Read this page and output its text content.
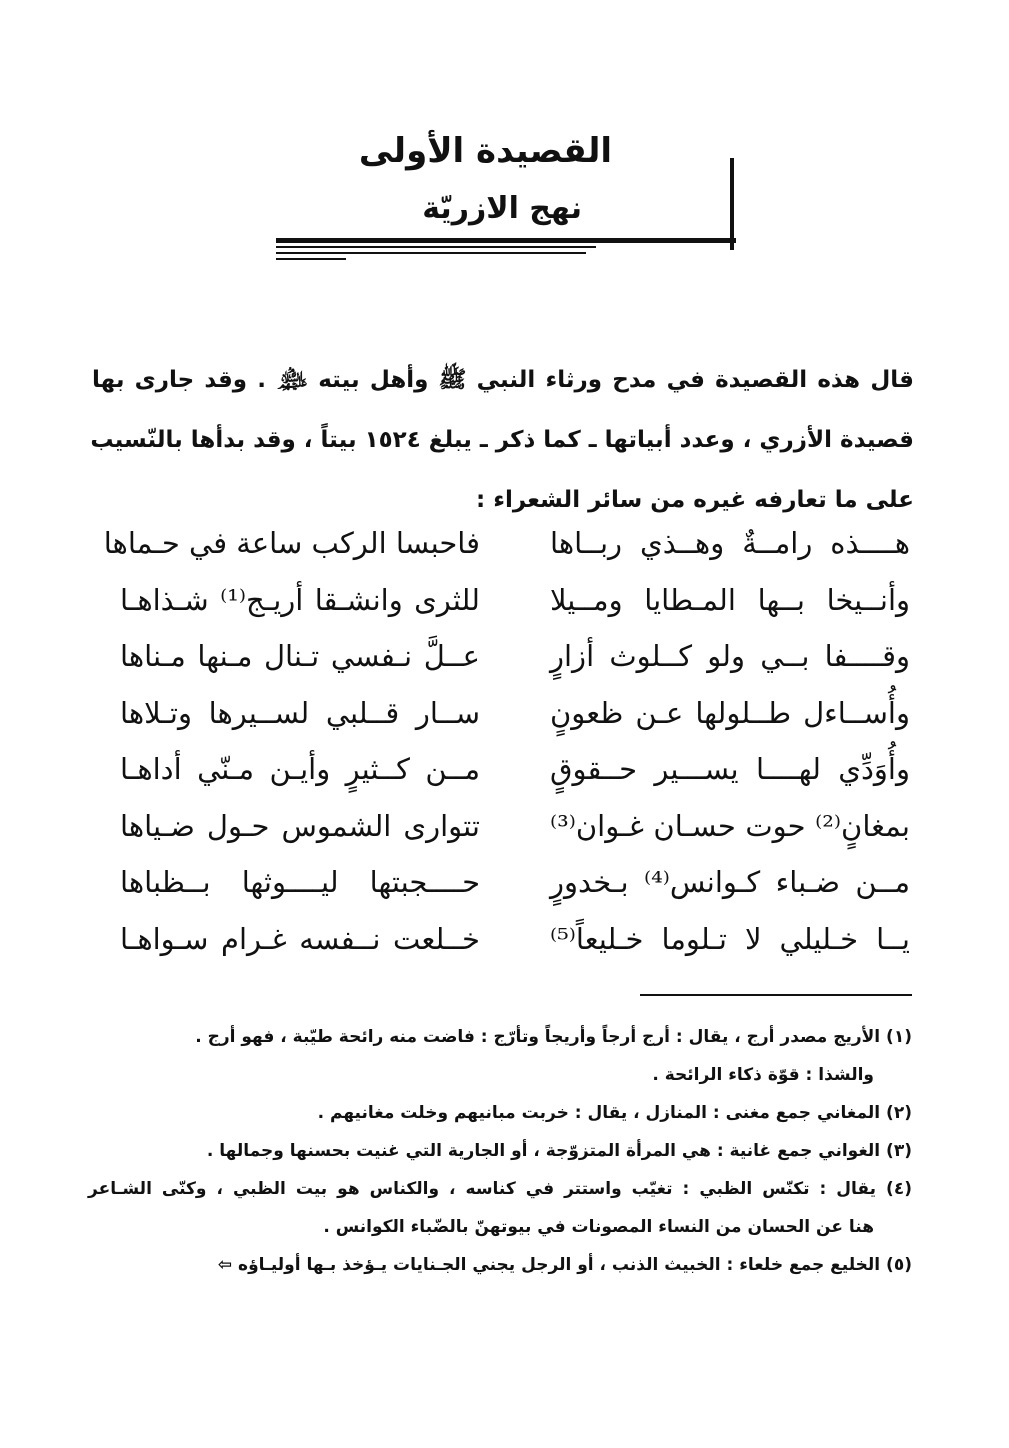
القصيدة الأولى
نهج الازريّة
قال هذه القصيدة في مدح ورثاء النبي ﷺ وأهل بيته ﵈ . وقد جارى بها
قصيدة الأزري ، وعدد أبياتها ـ كما ذكر ـ يبلغ ١٥٢٤ بيتاً ، وقد بدأها بالنّسيب
على ما تعارفه غيره من سائر الشعراء :
هــــذه رامــةٌ وهــذي ربــاها
فاحبسا الركب ساعة في حـماها
وأنــيخا بــها المـطايا ومــيلا
للثرى وانشـقا أريـج⁽¹⁾ شـذاهـا
وقــــفا بــي ولو كــلوث أزارٍ
عــلَّ نـفسي تـنال مـنها مـناها
وأُســاءل طــلولها عـن ظعونٍ
ســار قــلبي لســيرها وتـلاها
وأُوَدِّي لهــــا يســـير حــقوقٍ
مــن كــثيرٍ وأيـن مـنّي أداهـا
بمغانٍ⁽²⁾ حوت حسـان غـوان⁽³⁾
تتوارى الشموس حـول ضـياها
مــن ضـباء كـوانس⁽⁴⁾ بـخدورٍ
حــــجبتها ليــــوثها بــظباها
يــا خـليلي لا تـلوما خـليعاً⁽⁵⁾
خــلعت نــفسه غـرام سـواهـا
(١) الأريج مصدر أرج ، يقال : أرج أرجاً وأريجاً وتأرّج : فاضت منه رائحة طيّبة ، فهو أرج .
والشذا : قوّة ذكاء الرائحة .
(٢) المغاني جمع مغنى : المنازل ، يقال : خربت مبانيهم وخلت مغانيهم .
(٣) الغواني جمع غانية : هي المرأة المتزوّجة ، أو الجارية التي غنيت بحسنها وجمالها .
(٤) يقال : تكنّس الظبي : تغيّب واستتر في كناسه ، والكناس هو بيت الظبي ، وكنّى الشـاعر
هنا عن الحسان من النساء المصونات في بيوتهنّ بالضّباء الكوانس .
(٥) الخليع جمع خلعاء : الخبيث الذنب ، أو الرجل يجني الجـنايات يـؤخذ بـها أوليـاؤه ⇦
